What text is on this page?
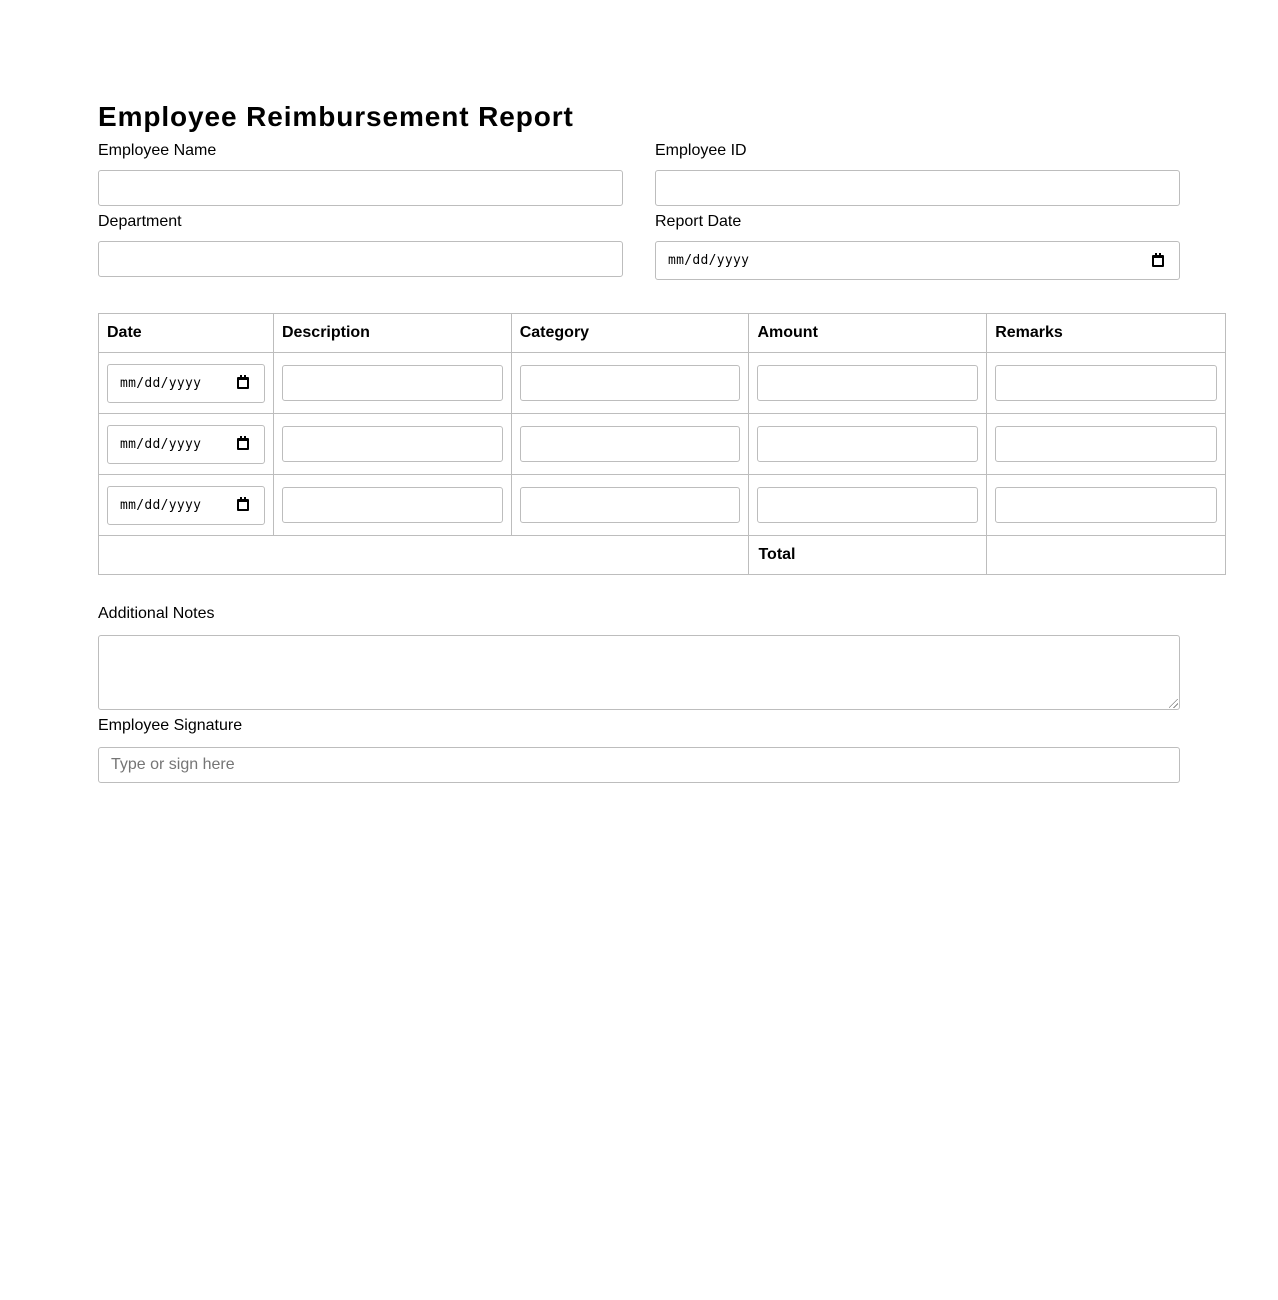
Employee Reimbursement Report
Employee Name	Employee ID
Department	Report Date
mm/dd/yyyy
Date	Description	Category	Amount	Remarks

mm/dd/yyyy				

mm/dd/yyyy				

mm/dd/yyyy				

			Total	
Additional Notes
Employee Signature
Type or sign here
